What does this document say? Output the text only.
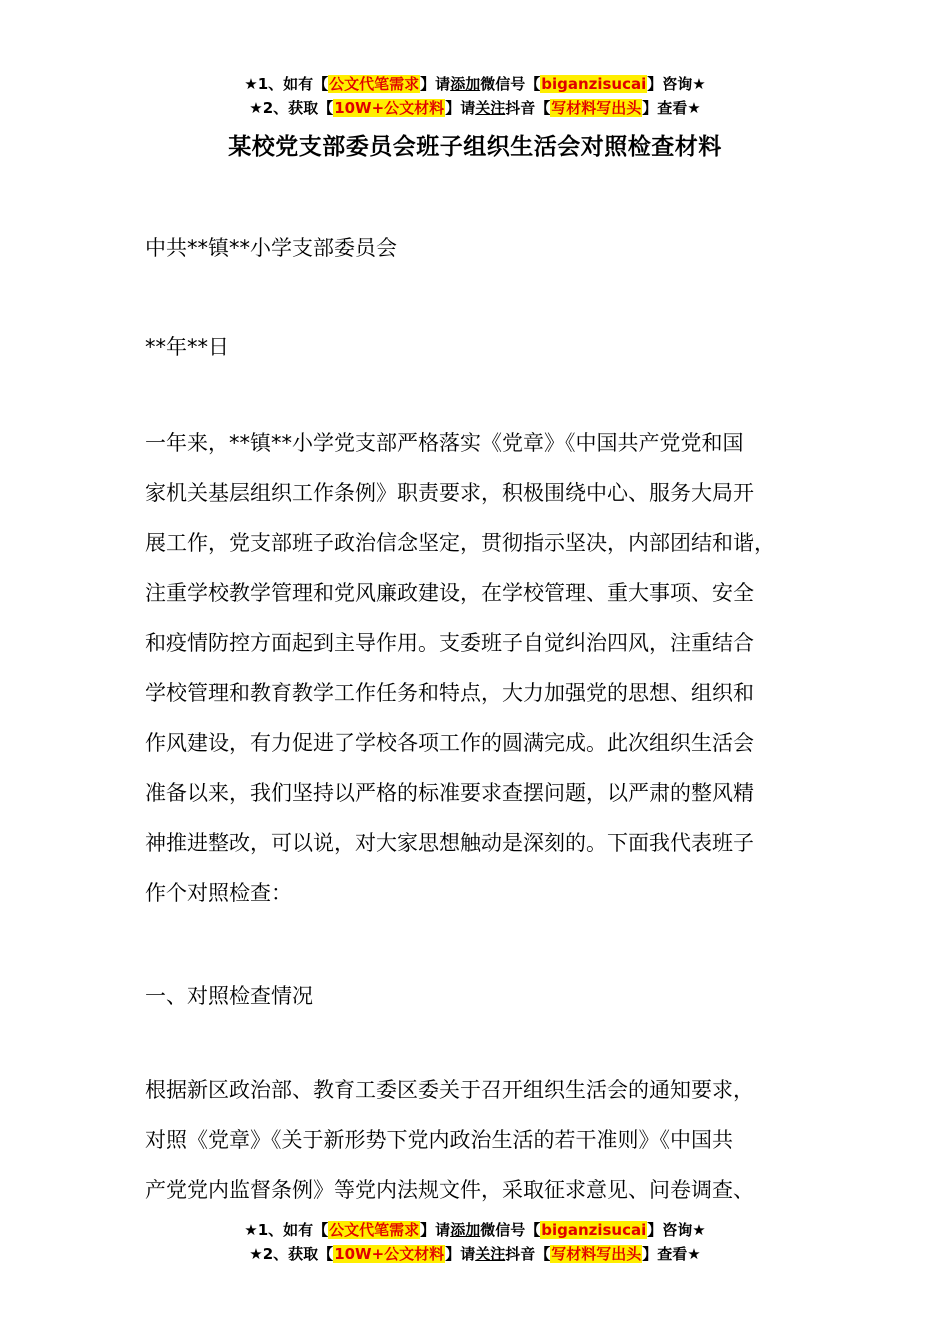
★1、如有【公文代笔需求】请添加微信号【biganzisucai】咨询★
★2、获取【10W+公文材料】请关注抖音【写材料写出头】查看★
某校党支部委员会班子组织生活会对照检查材料
中共**镇**小学支部委员会
**年**日
一年来，**镇**小学党支部严格落实《党章》《中国共产党党和国
家机关基层组织工作条例》职责要求，积极围绕中心、服务大局开
展工作，党支部班子政治信念坚定，贯彻指示坚决，内部团结和谐，
注重学校教学管理和党风廉政建设，在学校管理、重大事项、安全
和疫情防控方面起到主导作用。支委班子自觉纠治四风，注重结合
学校管理和教育教学工作任务和特点，大力加强党的思想、组织和
作风建设，有力促进了学校各项工作的圆满完成。此次组织生活会
准备以来，我们坚持以严格的标准要求查摆问题，以严肃的整风精
神推进整改，可以说，对大家思想触动是深刻的。下面我代表班子
作个对照检查：
一、对照检查情况
根据新区政治部、教育工委区委关于召开组织生活会的通知要求，
对照《党章》《关于新形势下党内政治生活的若干准则》《中国共
产党党内监督条例》等党内法规文件，采取征求意见、问卷调查、
★1、如有【公文代笔需求】请添加微信号【biganzisucai】咨询★
★2、获取【10W+公文材料】请关注抖音【写材料写出头】查看★
